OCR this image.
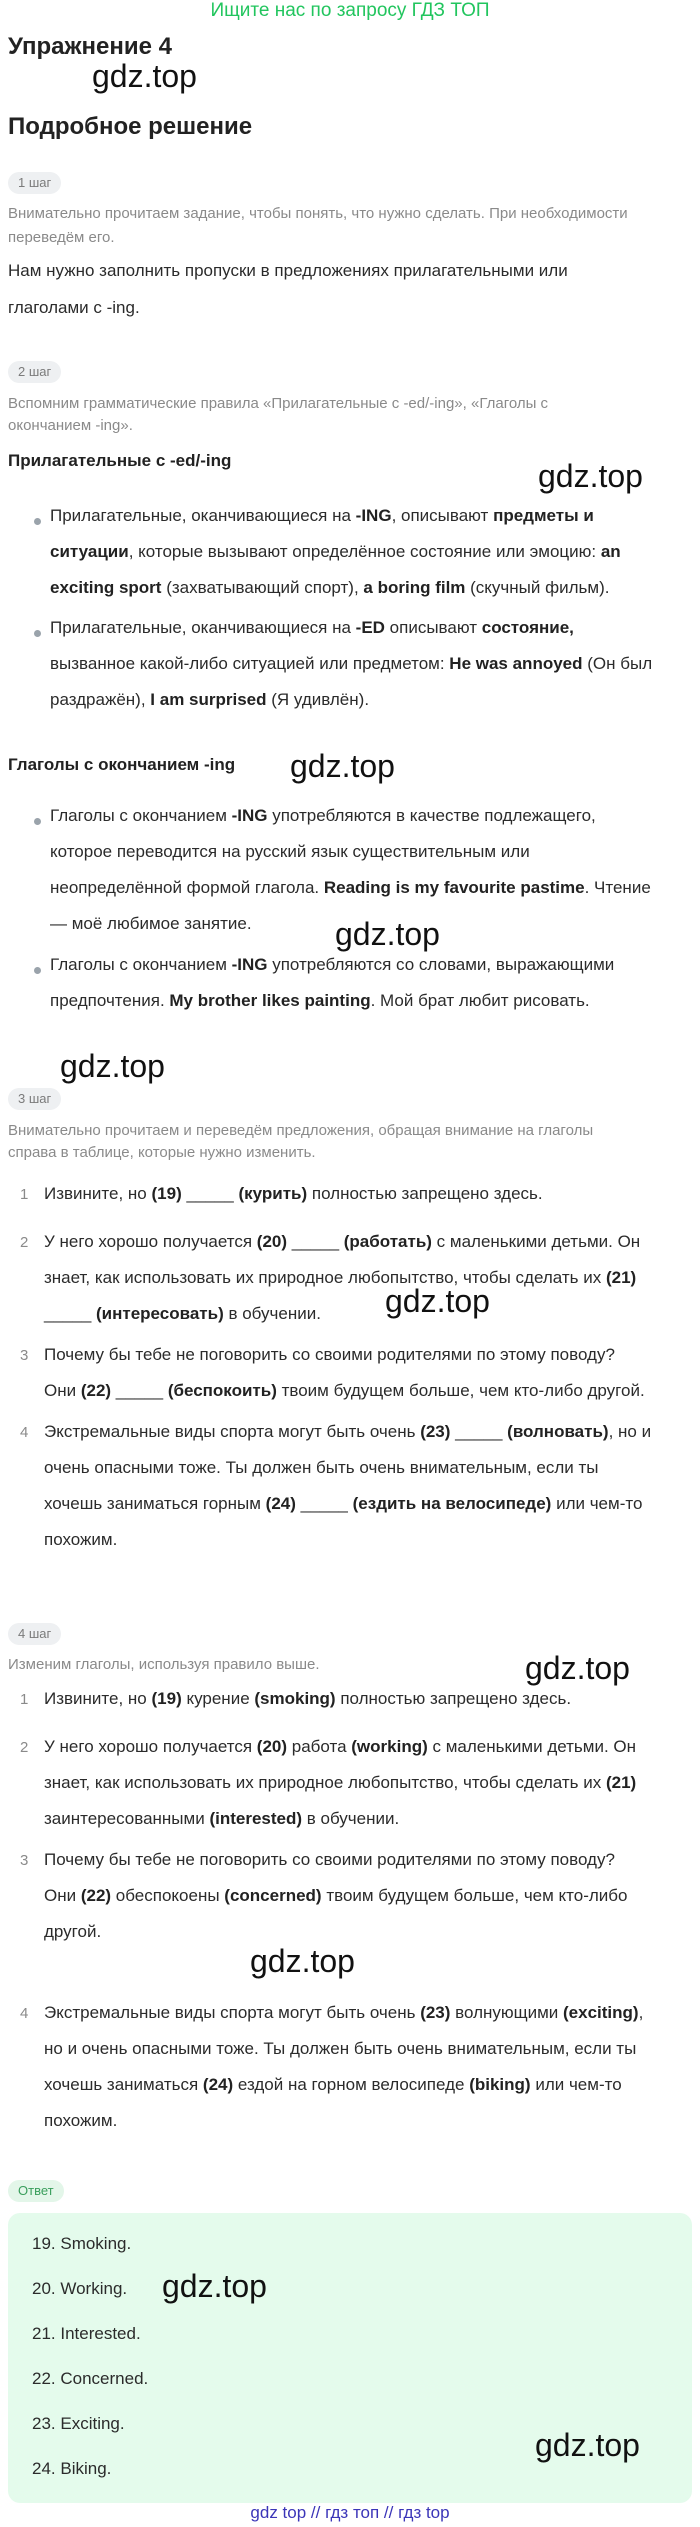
Ищите нас по запросу ГДЗ ТОП
Упражнение 4
gdz.top
Подробное решение
1 шаг
Внимательно прочитаем задание, чтобы понять, что нужно сделать. При необходимости переведём его.
Нам нужно заполнить пропуски в предложениях прилагательными или
глаголами с -ing.
2 шаг
Вспомним грамматические правила «Прилагательные с -ed/-ing», «Глаголы с
окончанием -ing».
Прилагательные с -ed/-ing	gdz.top
Прилагательные, оканчивающиеся на -ING, описывают предметы и
ситуации, которые вызывают определённое состояние или эмоцию: an
exciting sport (захватывающий спорт), a boring film (скучный фильм).
Прилагательные, оканчивающиеся на -ED описывают состояние,
вызванное какой-либо ситуацией или предметом: He was annoyed (Он был
раздражён), I am surprised (Я удивлён).
Глаголы с окончанием -ing gdz.top
Глаголы с окончанием -ING употребляются в качестве подлежащего,
которое переводится на русский язык существительным или
неопределённой формой глагола. Reading is my favourite pastime. Чтение
— моё любимое занятие.	gdz.top
Глаголы с окончанием -ING употребляются со словами, выражающими
предпочтения. My brother likes painting. Мой брат любит рисовать.
gdz.top
3 шаг
Внимательно прочитаем и переведём предложения, обращая внимание на глаголы
справа в таблице, которые нужно изменить.
1 Извините, но (19) _____ (курить) полностью запрещено здесь.
2 У него хорошо получается (20) _____ (работать) с маленькими детьми. Он
знает, как использовать их природное любопытство, чтобы сделать их (21)
_____ (интересовать) в обучении.	gdz.top
3 Почему бы тебе не поговорить со своими родителями по этому поводу?
Они (22) _____ (беспокоить) твоим будущем больше, чем кто-либо другой.
4 Экстремальные виды спорта могут быть очень (23) _____ (волновать), но и
очень опасными тоже. Ты должен быть очень внимательным, если ты
хочешь заниматься горным (24) _____ (ездить на велосипеде) или чем-то
похожим.
4 шаг
Изменим глаголы, используя правило выше.	gdz.top
1 Извините, но (19) курение (smoking) полностью запрещено здесь.
2 У него хорошо получается (20) работа (working) с маленькими детьми. Он
знает, как использовать их природное любопытство, чтобы сделать их (21)
заинтересованными (interested) в обучении.
3 Почему бы тебе не поговорить со своими родителями по этому поводу?
Они (22) обеспокоены (concerned) твоим будущем больше, чем кто-либо
другой.
gdz.top
4 Экстремальные виды спорта могут быть очень (23) волнующими (exciting),
но и очень опасными тоже. Ты должен быть очень внимательным, если ты
хочешь заниматься (24) ездой на горном велосипеде (biking) или чем-то
похожим.
Ответ
19. Smoking.
20. Working. gdz.top
21. Interested.
22. Concerned.
23. Exciting.
24. Biking.
gdz.top
gdz top // гдз топ // гдз top
